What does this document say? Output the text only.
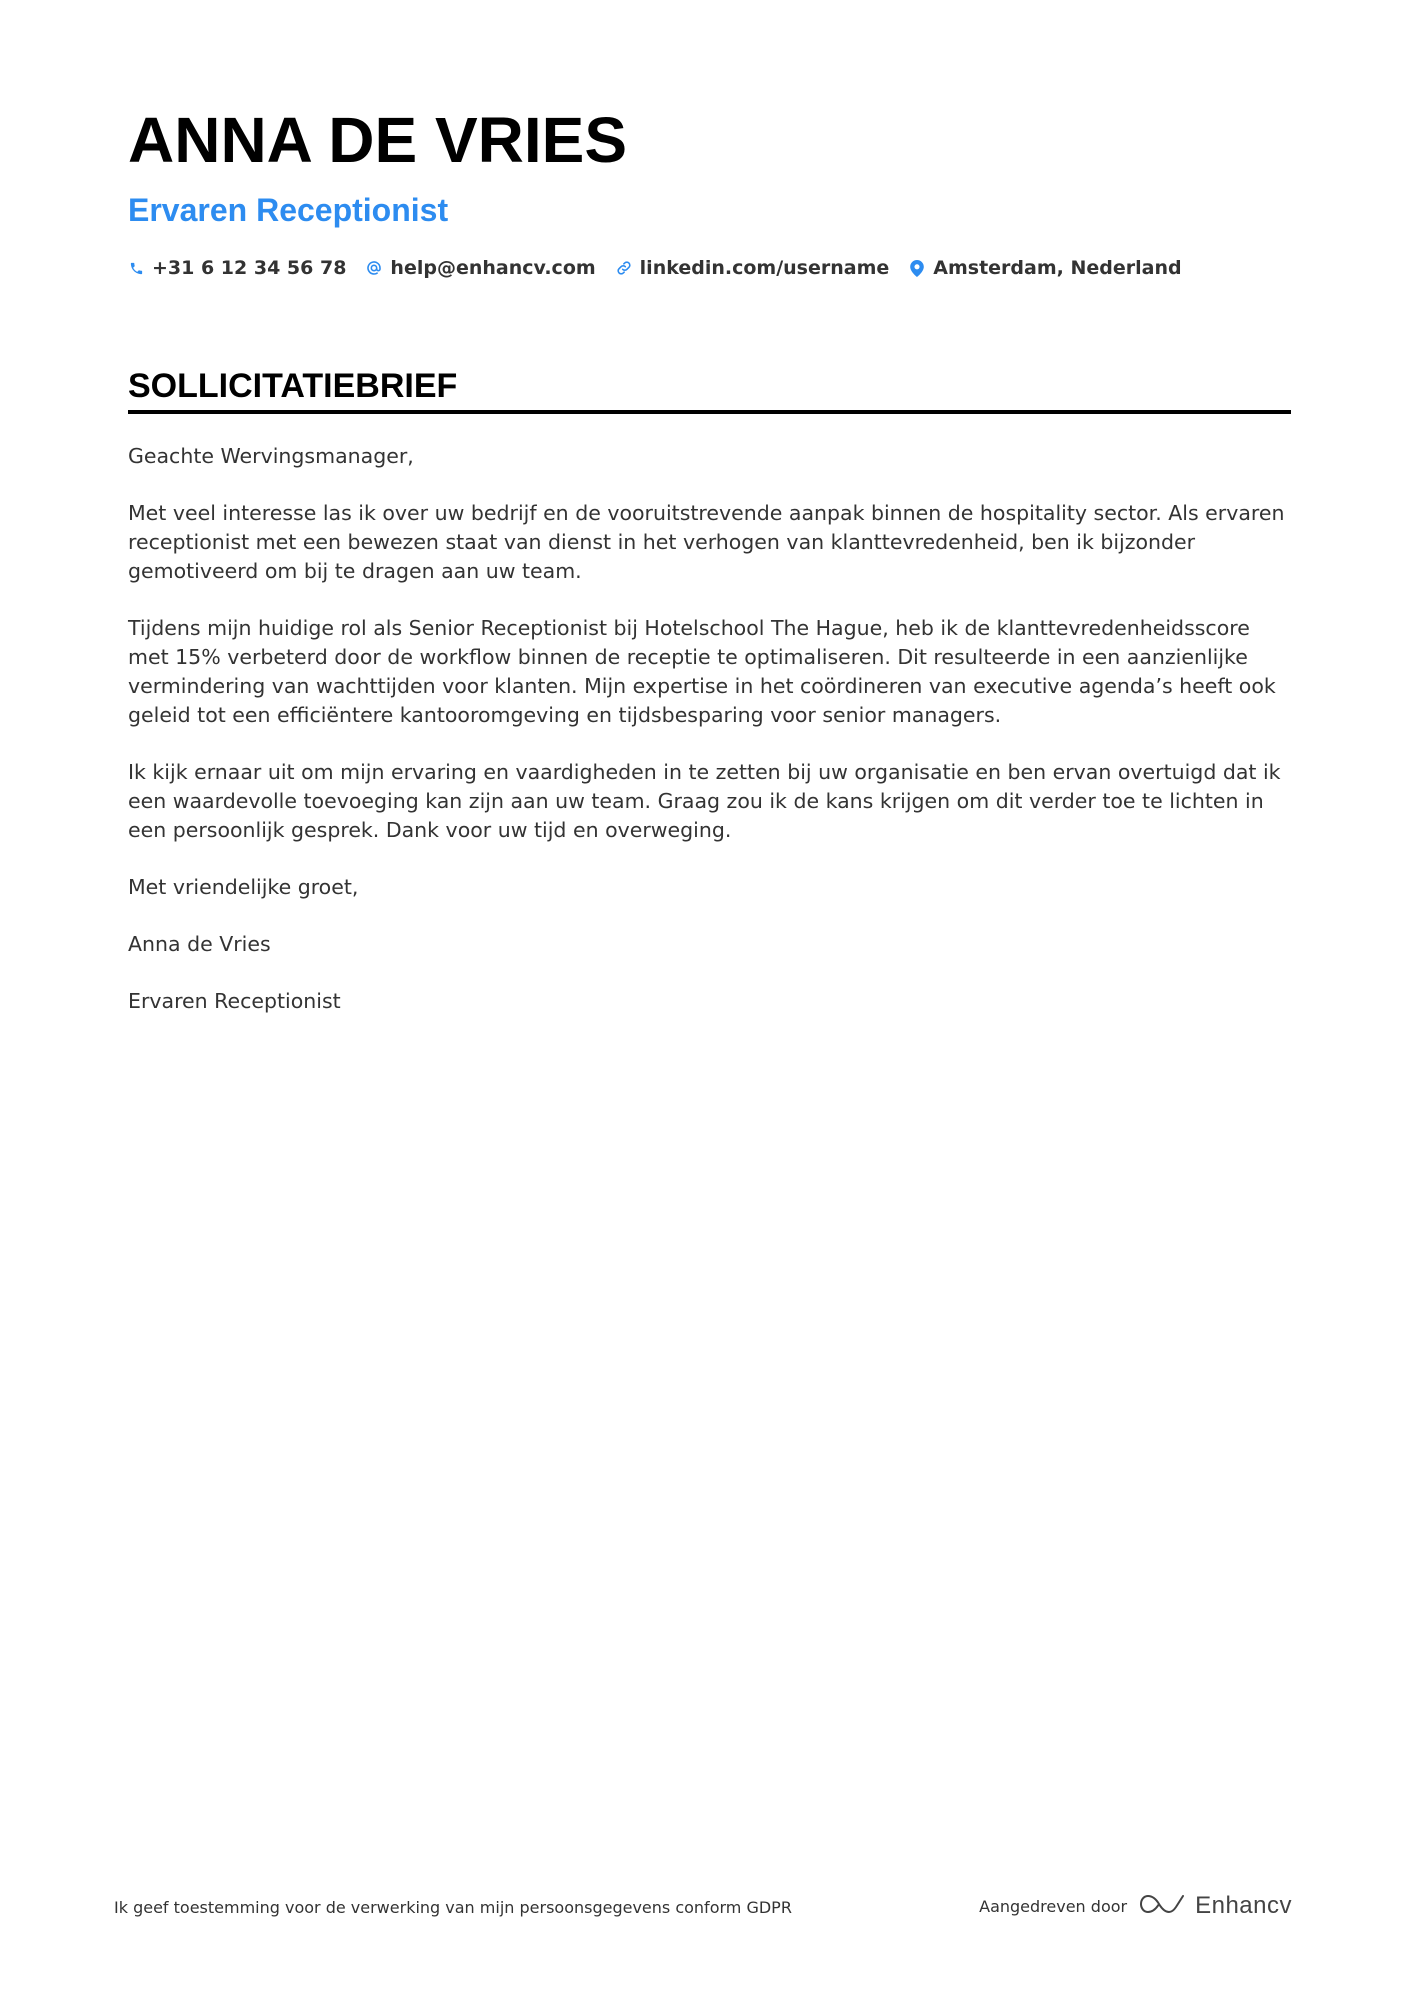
ANNA DE VRIES
Ervaren Receptionist
+31 6 12 34 56 78 help@enhancv.com linkedin.com/username Amsterdam, Nederland
SOLLICITATIEBRIEF

Geachte Wervingsmanager,

Met veel interesse las ik over uw bedrijf en de vooruitstrevende aanpak binnen de hospitality sector. Als ervaren receptionist met een bewezen staat van dienst in het verhogen van klanttevredenheid, ben ik bijzonder gemotiveerd om bij te dragen aan uw team.

Tijdens mijn huidige rol als Senior Receptionist bij Hotelschool The Hague, heb ik de klanttevredenheidsscore met 15% verbeterd door de workflow binnen de receptie te optimaliseren. Dit resulteerde in een aanzienlijke vermindering van wachttijden voor klanten. Mijn expertise in het coördineren van executive agenda’s heeft ook geleid tot een efficiëntere kantooromgeving en tijdsbesparing voor senior managers.

Ik kijk ernaar uit om mijn ervaring en vaardigheden in te zetten bij uw organisatie en ben ervan overtuigd dat ik een waardevolle toevoeging kan zijn aan uw team. Graag zou ik de kans krijgen om dit verder toe te lichten in een persoonlijk gesprek. Dank voor uw tijd en overweging.

Met vriendelijke groet,

Anna de Vries

Ervaren Receptionist

Ik geef toestemming voor de verwerking van mijn persoonsgegevens conform GDPR	Aangedreven door	Enhancv
